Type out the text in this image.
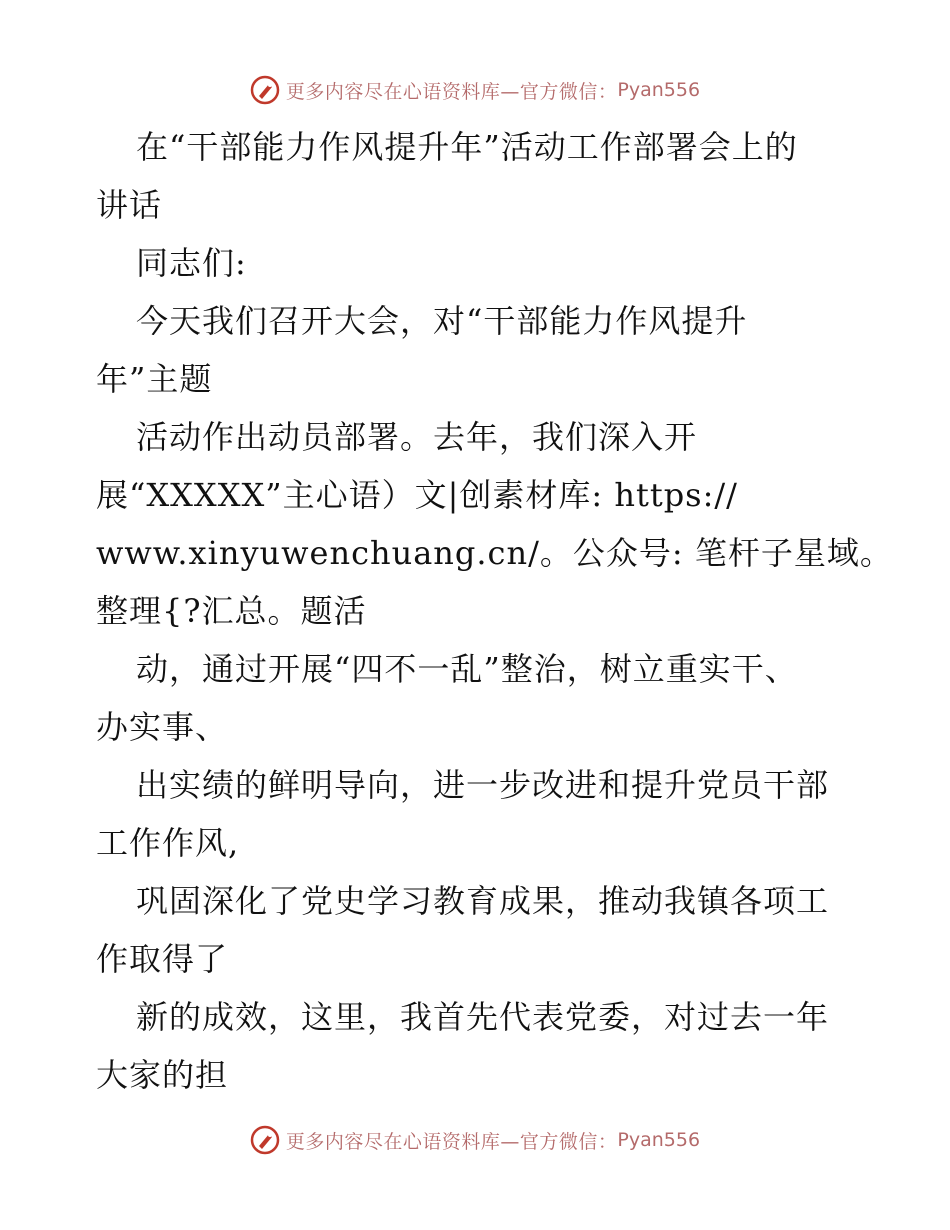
更多内容尽在心语资料库—官方微信： Pyan556
在“干部能力作风提升年”活动工作部署会上的
讲话
同志们:
今天我们召开大会，对“干部能力作风提升
年”主题
活动作出动员部署。去年，我们深入开
展“XXXXX”主心语）文|创素材库: https://
www.xinyuwenchuang.cn/。公众号: 笔杆子星域。
整理{?汇总。题活
动，通过开展“四不一乱”整治，树立重实干、
办实事、
出实绩的鲜明导向，进一步改进和提升党员干部
工作作风,
巩固深化了党史学习教育成果，推动我镇各项工
作取得了
新的成效，这里，我首先代表党委，对过去一年
大家的担
更多内容尽在心语资料库—官方微信： Pyan556
